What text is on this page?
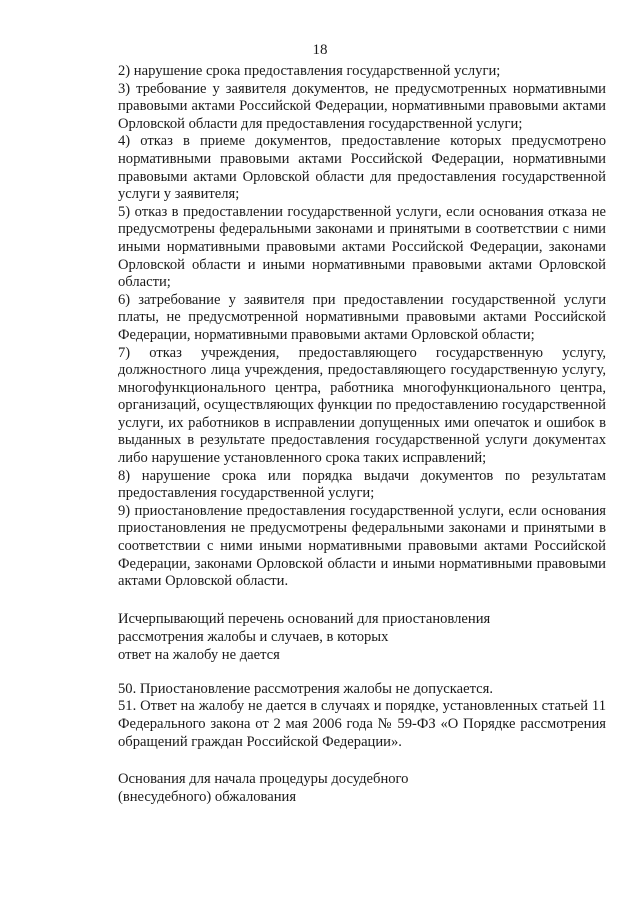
18

2) нарушение срока предоставления государственной услуги;

3) требование у заявителя документов, не предусмотренных нормативными правовыми актами Российской Федерации, нормативными правовыми актами Орловской области для предоставления государственной услуги;

4) отказ в приеме документов, предоставление которых предусмотрено нормативными правовыми актами Российской Федерации, нормативными правовыми актами Орловской области для предоставления государственной услуги у заявителя;

5) отказ в предоставлении государственной услуги, если основания отказа не предусмотрены федеральными законами и принятыми в соответствии с ними иными нормативными правовыми актами Российской Федерации, законами Орловской области и иными нормативными правовыми актами Орловской области;

6) затребование у заявителя при предоставлении государственной услуги платы, не предусмотренной нормативными правовыми актами Российской Федерации, нормативными правовыми актами Орловской области;

7) отказ учреждения, предоставляющего государственную услугу, должностного лица учреждения, предоставляющего государственную услугу, многофункционального центра, работника многофункционального центра, организаций, осуществляющих функции по предоставлению государственной услуги, их работников в исправлении допущенных ими опечаток и ошибок в выданных в результате предоставления государственной услуги документах либо нарушение установленного срока таких исправлений;

8) нарушение срока или порядка выдачи документов по результатам предоставления государственной услуги;

9) приостановление предоставления государственной услуги, если основания приостановления не предусмотрены федеральными законами и принятыми в соответствии с ними иными нормативными правовыми актами Российской Федерации, законами Орловской области и иными нормативными правовыми актами Орловской области.

Исчерпывающий перечень оснований для приостановления

рассмотрения жалобы и случаев, в которых

ответ на жалобу не дается

50. Приостановление рассмотрения жалобы не допускается.

51. Ответ на жалобу не дается в случаях и порядке, установленных статьей 11 Федерального закона от 2 мая 2006 года № 59-ФЗ «О Порядке рассмотрения обращений граждан Российской Федерации».

Основания для начала процедуры досудебного

(внесудебного) обжалования
